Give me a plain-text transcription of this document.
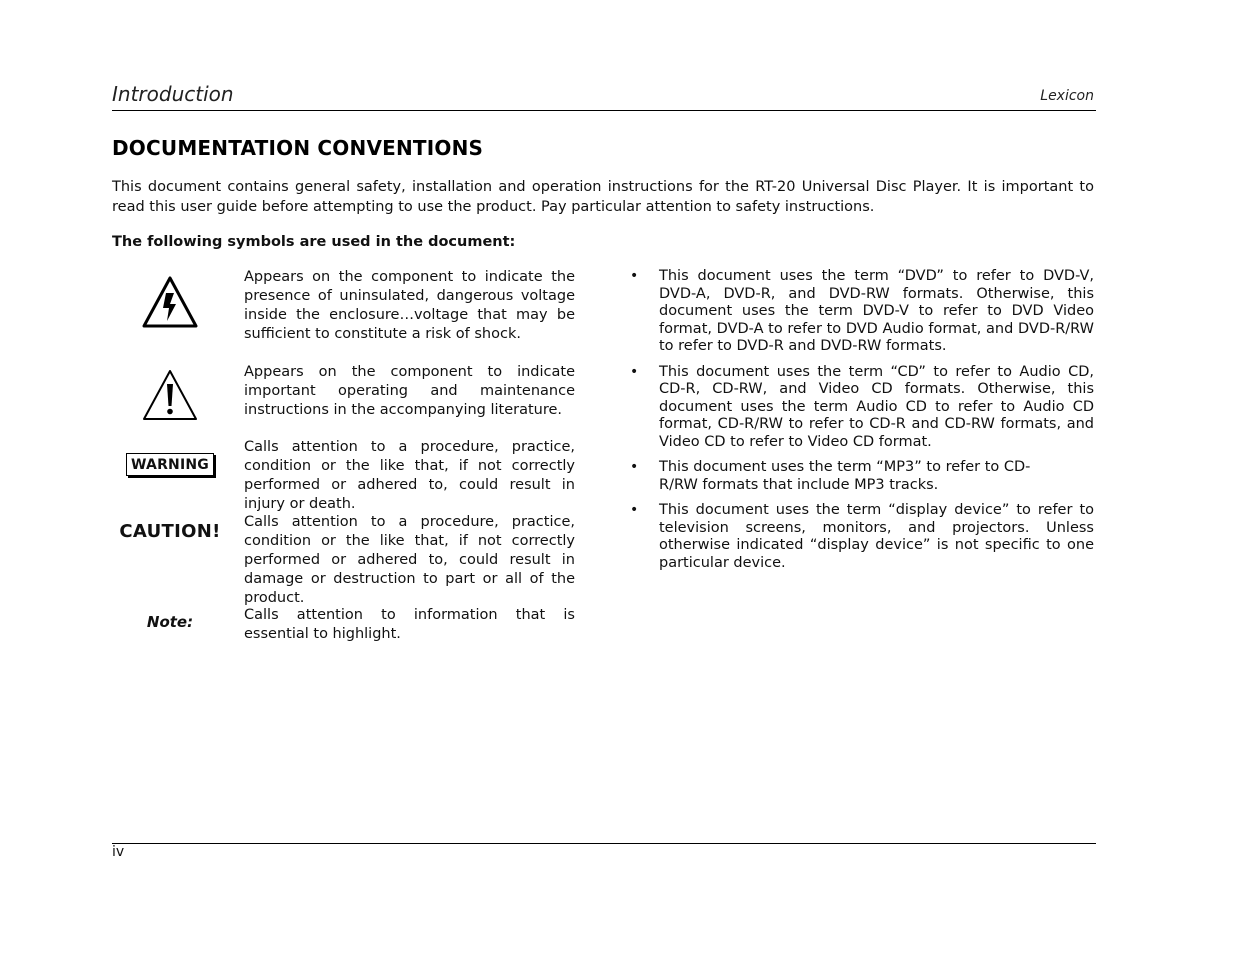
Introduction	Lexicon
DOCUMENTATION CONVENTIONS

This document contains general safety, installation and operation instructions for the RT-20 Universal Disc Player. It is important to read this user guide before attempting to use the product. Pay particular attention to safety instructions.

The following symbols are used in the document:
Appears on the component to indicate the presence of uninsulated, dangerous voltage inside the enclosure…voltage that may be sufficient to constitute a risk of shock.
Appears on the component to indicate important operating and maintenance instructions in the accompanying literature.
WARNING
Calls attention to a procedure, practice, condition or the like that, if not correctly performed or adhered to, could result in injury or death.
CAUTION! Calls attention to a procedure, practice, condition or the like that, if not correctly performed or adhered to, could result in damage or destruction to part or all of the product.
Note:	Calls attention to information that is essential to highlight.
• This document uses the term “DVD” to refer to DVD-V, DVD-A, DVD-R, and DVD-RW formats. Otherwise, this document uses the term DVD-V to refer to DVD Video format, DVD-A to refer to DVD Audio format, and DVD-R/RW to refer to DVD-R and DVD-RW formats.
• This document uses the term “CD” to refer to Audio CD, CD-R, CD-RW, and Video CD formats. Otherwise, this document uses the term Audio CD to refer to Audio CD format, CD-R/RW to refer to CD-R and CD-RW formats, and Video CD to refer to Video CD format.
• This document uses the term “MP3” to refer to CD-R/RW formats that include MP3 tracks.
• This document uses the term “display device” to refer to television screens, monitors, and projectors. Unless otherwise indicated “display device” is not specific to one particular device.
iv
